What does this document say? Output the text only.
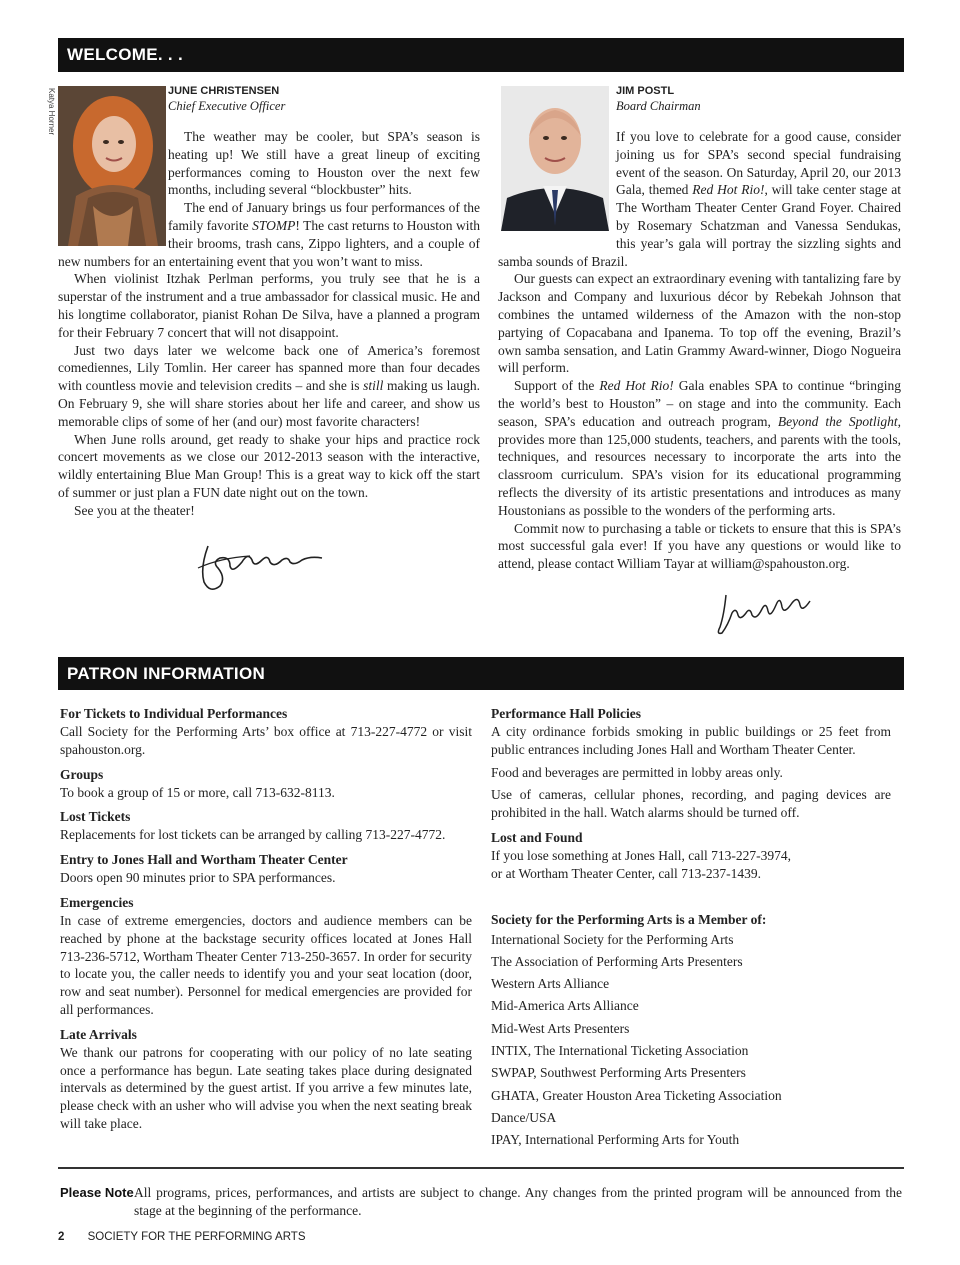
WELCOME. . .
Katya Horner	JUNE CHRISTENSEN
Chief Executive Officer

The weather may be cooler, but SPA’s season is heating up! We still have a great lineup of exciting performances coming to Houston over the next few months, including several “blockbuster” hits.

The end of January brings us four performances of the family favorite STOMP! The cast returns to Houston with their brooms, trash cans, Zippo lighters, and a couple of new numbers for an entertaining event that you won’t want to miss.

When violinist Itzhak Perlman performs, you truly see that he is a superstar of the instrument and a true ambassador for classical music. He and his longtime collaborator, pianist Rohan De Silva, have a planned a program for their February 7 concert that will not disappoint.

Just two days later we welcome back one of America’s foremost comediennes, Lily Tomlin. Her career has spanned more than four decades with countless movie and television credits – and she is still making us laugh. On February 9, she will share stories about her life and career, and show us memorable clips of some of her (and our) most favorite characters!

When June rolls around, get ready to shake your hips and practice rock concert movements as we close our 2012-2013 season with the interactive, wildly entertaining Blue Man Group! This is a great way to kick off the start of summer or just plan a FUN date night out on the town.

See you at the theater!

JIM POSTL
Board Chairman

If you love to celebrate for a good cause, consider joining us for SPA’s second special fundraising event of the season. On Saturday, April 20, our 2013 Gala, themed Red Hot Rio!, will take center stage at The Wortham Theater Center Grand Foyer. Chaired by Rosemary Schatzman and Vanessa Sendukas, this year’s gala will portray the sizzling sights and samba sounds of Brazil.

Our guests can expect an extraordinary evening with tantalizing fare by Jackson and Company and luxurious décor by Rebekah Johnson that combines the untamed wilderness of the Amazon with the non-stop partying of Copacabana and Ipanema. To top off the evening, Brazil’s own samba sensation, and Latin Grammy Award-winner, Diogo Nogueira will perform.

Support of the Red Hot Rio! Gala enables SPA to continue “bringing the world’s best to Houston” – on stage and into the community. Each season, SPA’s education and outreach program, Beyond the Spotlight, provides more than 125,000 students, teachers, and parents with the tools, techniques, and resources necessary to incorporate the arts into the classroom curriculum. SPA’s vision for its educational programming reflects the diversity of its artistic presentations and introduces as many Houstonians as possible to the wonders of the performing arts.

Commit now to purchasing a table or tickets to ensure that this is SPA’s most successful gala ever! If you have any questions or would like to attend, please contact William Tayar at william@spahouston.org.

PATRON INFORMATION
For Tickets to Individual Performances

Call Society for the Performing Arts’ box office at 713-227-4772 or visit spahouston.org.

Groups

To book a group of 15 or more, call 713-632-8113.

Lost Tickets

Replacements for lost tickets can be arranged by calling 713-227-4772.

Entry to Jones Hall and Wortham Theater Center

Doors open 90 minutes prior to SPA performances.

Emergencies

In case of extreme emergencies, doctors and audience members can be reached by phone at the backstage security offices located at Jones Hall 713-236-5712, Wortham Theater Center 713-250-3657. In order for security to locate you, the caller needs to identify you and your seat location (door, row and seat number). Personnel for medical emergencies are provided for all performances.

Late Arrivals

We thank our patrons for cooperating with our policy of no late seating once a performance has begun. Late seating takes place during designated intervals as determined by the guest artist. If you arrive a few minutes late, please check with an usher who will advise you when the next seating break will take place.

Performance Hall Policies

A city ordinance forbids smoking in public buildings or 25 feet from public entrances including Jones Hall and Wortham Theater Center.

Food and beverages are permitted in lobby areas only.

Use of cameras, cellular phones, recording, and paging devices are prohibited in the hall. Watch alarms should be turned off.

Lost and Found
If you lose something at Jones Hall, call 713-227-3974,
or at Wortham Theater Center, call 713-237-1439.
Society for the Performing Arts is a Member of:
International Society for the Performing Arts
The Association of Performing Arts Presenters
Western Arts Alliance
Mid-America Arts Alliance
Mid-West Arts Presenters
INTIX, The International Ticketing Association
SWPAP, Southwest Performing Arts Presenters
GHATA, Greater Houston Area Ticketing Association
Dance/USA
IPAY, International Performing Arts for Youth
Please Note All programs, prices, performances, and artists are subject to change. Any changes from the printed program will be announced from the stage at the beginning of the performance.
2 SOCIETY FOR THE PERFORMING ARTS
